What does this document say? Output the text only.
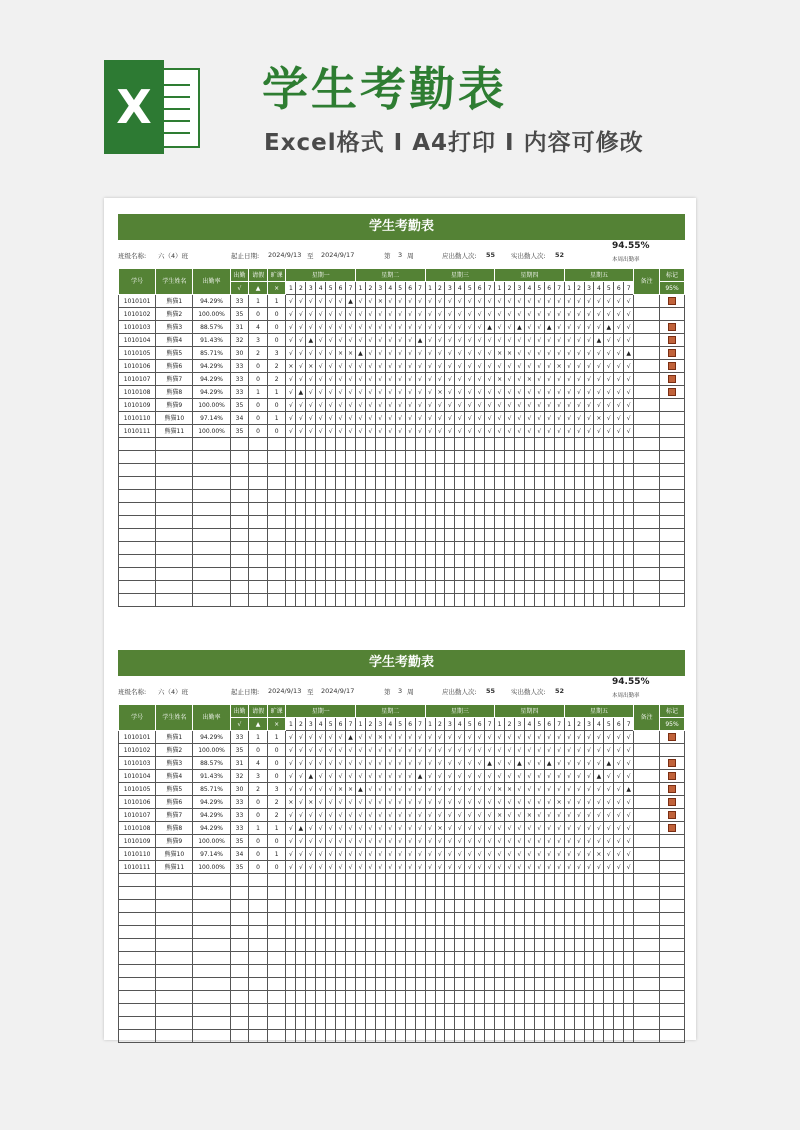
X 学生考勤表
Excel格式 I A4打印 I 内容可修改
学生考勤表
班级名称: 六（4）班	起止日期: 2024/9/13 至 2024/9/17	第 3 周	应出勤人次: 55 实出勤人次: 52
94.55%
本周出勤率
学号	学生姓名	出勤率	出勤	请假	旷课	星期一							星期二							星期三							星期四							星期五							备注	标记
			√	▲	×	1	2	3	4	5	6	7	1	2	3	4	5	6	7	1	2	3	4	5	6	7	1	2	3	4	5	6	7	1	2	3	4	5	6	7		95%
1010101	熊猫1	94.29%	33	1	1	√	√	√	√	√	√	▲	√	√	×	√	√	√	√	√	√	√	√	√	√	√	√	√	√	√	√	√	√	√	√	√	√	√	√	√		
1010102	熊猫2	100.00%	35	0	0	√	√	√	√	√	√	√	√	√	√	√	√	√	√	√	√	√	√	√	√	√	√	√	√	√	√	√	√	√	√	√	√	√	√	√		
1010103	熊猫3	88.57%	31	4	0	√	√	√	√	√	√	√	√	√	√	√	√	√	√	√	√	√	√	√	√	▲	√	√	▲	√	√	▲	√	√	√	√	√	▲	√	√		
1010104	熊猫4	91.43%	32	3	0	√	√	▲	√	√	√	√	√	√	√	√	√	√	▲	√	√	√	√	√	√	√	√	√	√	√	√	√	√	√	√	√	▲	√	√	√		
1010105	熊猫5	85.71%	30	2	3	√	√	√	√	√	×	×	▲	√	√	√	√	√	√	√	√	√	√	√	√	√	×	×	√	√	√	√	√	√	√	√	√	√	√	▲		
1010106	熊猫6	94.29%	33	0	2	×	√	×	√	√	√	√	√	√	√	√	√	√	√	√	√	√	√	√	√	√	√	√	√	√	√	√	×	√	√	√	√	√	√	√		
1010107	熊猫7	94.29%	33	0	2	√	√	√	√	√	√	√	√	√	√	√	√	√	√	√	√	√	√	√	√	√	×	√	√	×	√	√	√	√	√	√	√	√	√	√		
1010108	熊猫8	94.29%	33	1	1	√	▲	√	√	√	√	√	√	√	√	√	√	√	√	√	×	√	√	√	√	√	√	√	√	√	√	√	√	√	√	√	√	√	√	√		
1010109	熊猫9	100.00%	35	0	0	√	√	√	√	√	√	√	√	√	√	√	√	√	√	√	√	√	√	√	√	√	√	√	√	√	√	√	√	√	√	√	√	√	√	√		
1010110	熊猫10	97.14%	34	0	1	√	√	√	√	√	√	√	√	√	√	√	√	√	√	√	√	√	√	√	√	√	√	√	√	√	√	√	√	√	√	√	×	√	√	√		
1010111	熊猫11	100.00%	35	0	0	√	√	√	√	√	√	√	√	√	√	√	√	√	√	√	√	√	√	√	√	√	√	√	√	√	√	√	√	√	√	√	√	√	√	√		

学生考勤表
班级名称: 六（4）班	起止日期: 2024/9/13 至 2024/9/17	第 3 周	应出勤人次: 55 实出勤人次: 52
94.55%
本周出勤率
学号	学生姓名	出勤率	出勤	请假	旷课	星期一							星期二							星期三							星期四							星期五							备注	标记
			√	▲	×	1	2	3	4	5	6	7	1	2	3	4	5	6	7	1	2	3	4	5	6	7	1	2	3	4	5	6	7	1	2	3	4	5	6	7		95%
1010101	熊猫1	94.29%	33	1	1	√	√	√	√	√	√	▲	√	√	×	√	√	√	√	√	√	√	√	√	√	√	√	√	√	√	√	√	√	√	√	√	√	√	√	√		
1010102	熊猫2	100.00%	35	0	0	√	√	√	√	√	√	√	√	√	√	√	√	√	√	√	√	√	√	√	√	√	√	√	√	√	√	√	√	√	√	√	√	√	√	√		
1010103	熊猫3	88.57%	31	4	0	√	√	√	√	√	√	√	√	√	√	√	√	√	√	√	√	√	√	√	√	▲	√	√	▲	√	√	▲	√	√	√	√	√	▲	√	√		
1010104	熊猫4	91.43%	32	3	0	√	√	▲	√	√	√	√	√	√	√	√	√	√	▲	√	√	√	√	√	√	√	√	√	√	√	√	√	√	√	√	√	▲	√	√	√		
1010105	熊猫5	85.71%	30	2	3	√	√	√	√	√	×	×	▲	√	√	√	√	√	√	√	√	√	√	√	√	√	×	×	√	√	√	√	√	√	√	√	√	√	√	▲		
1010106	熊猫6	94.29%	33	0	2	×	√	×	√	√	√	√	√	√	√	√	√	√	√	√	√	√	√	√	√	√	√	√	√	√	√	√	×	√	√	√	√	√	√	√		
1010107	熊猫7	94.29%	33	0	2	√	√	√	√	√	√	√	√	√	√	√	√	√	√	√	√	√	√	√	√	√	×	√	√	×	√	√	√	√	√	√	√	√	√	√		
1010108	熊猫8	94.29%	33	1	1	√	▲	√	√	√	√	√	√	√	√	√	√	√	√	√	×	√	√	√	√	√	√	√	√	√	√	√	√	√	√	√	√	√	√	√		
1010109	熊猫9	100.00%	35	0	0	√	√	√	√	√	√	√	√	√	√	√	√	√	√	√	√	√	√	√	√	√	√	√	√	√	√	√	√	√	√	√	√	√	√	√		
1010110	熊猫10	97.14%	34	0	1	√	√	√	√	√	√	√	√	√	√	√	√	√	√	√	√	√	√	√	√	√	√	√	√	√	√	√	√	√	√	√	×	√	√	√		
1010111	熊猫11	100.00%	35	0	0	√	√	√	√	√	√	√	√	√	√	√	√	√	√	√	√	√	√	√	√	√	√	√	√	√	√	√	√	√	√	√	√	√	√	√		
